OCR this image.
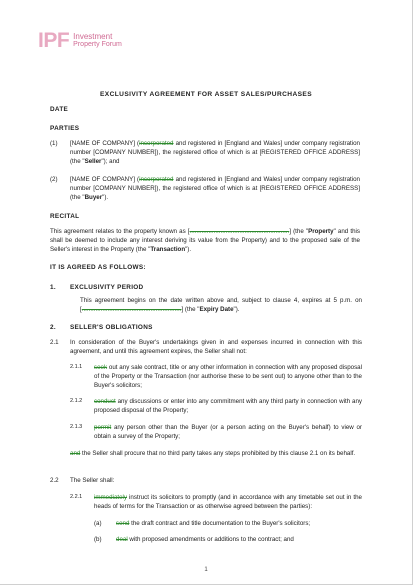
IPF Investment
Property Forum
EXCLUSIVITY AGREEMENT FOR ASSET SALES/PURCHASES
DATE
PARTIES
(1) [NAME OF COMPANY] (incorporated and registered in [England and Wales] under company registration number [COMPANY NUMBER]), the registered office of which is at [REGISTERED OFFICE ADDRESS] (the "Seller"); and
(2) [NAME OF COMPANY] (incorporated and registered in [England and Wales] under company registration number [COMPANY NUMBER]), the registered office of which is at [REGISTERED OFFICE ADDRESS] (the "Buyer").
RECITAL
This agreement relates to the property known as [..........................................................] (the "Property" and this shall be deemed to include any interest deriving its value from the Property) and to the proposed sale of the Seller's interest in the Property (the "Transaction").
IT IS AGREED AS FOLLOWS:
1. EXCLUSIVITY PERIOD
This agreement begins on the date written above and, subject to clause 4, expires at 5 p.m. on [..........................................................] (the "Expiry Date").
2. SELLER'S OBLIGATIONS
2.1 In consideration of the Buyer's undertakings given in and expenses incurred in connection with this agreement, and until this agreement expires, the Seller shall not:
2.1.1 seek out any sale contract, title or any other information in connection with any proposed disposal of the Property or the Transaction (nor authorise these to be sent out) to anyone other than to the Buyer's solicitors;
2.1.2 conduct any discussions or enter into any commitment with any third party in connection with any proposed disposal of the Property;
2.1.3 permit any person other than the Buyer (or a person acting on the Buyer's behalf) to view or obtain a survey of the Property;
and the Seller shall procure that no third party takes any steps prohibited by this clause 2.1 on its behalf.
2.2 The Seller shall:
2.2.1 immediately instruct its solicitors to promptly (and in accordance with any timetable set out in the heads of terms for the Transaction or as otherwise agreed between the parties):
(a) send the draft contract and title documentation to the Buyer's solicitors;
(b) deal with proposed amendments or additions to the contract; and
1
